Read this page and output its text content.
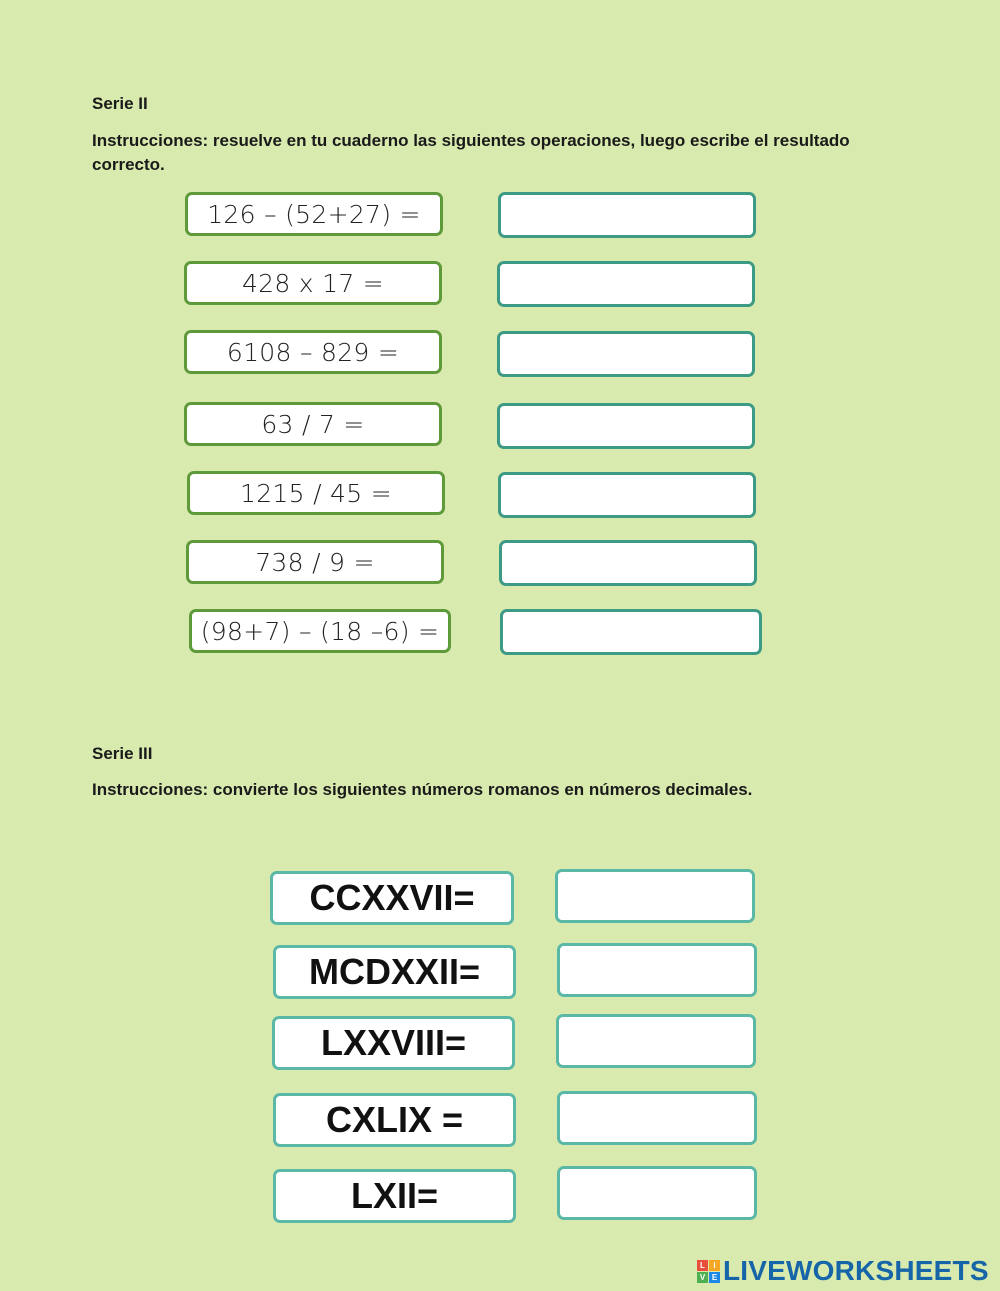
Serie II

Instrucciones: resuelve en tu cuaderno las siguientes operaciones, luego escribe el resultado correcto.

126 – (52+27) =
428 x 17 =
6108 – 829 =
63 / 7 =
1215 / 45 =
738 / 9 =
(98+7) – (18 –6) =
Serie III

Instrucciones: convierte los siguientes números romanos en números decimales.

CCXXVII=
MCDXXII=
LXXVIII=
CXLIX =
LXII=
L	I
V E LIVEWORKSHEETS
